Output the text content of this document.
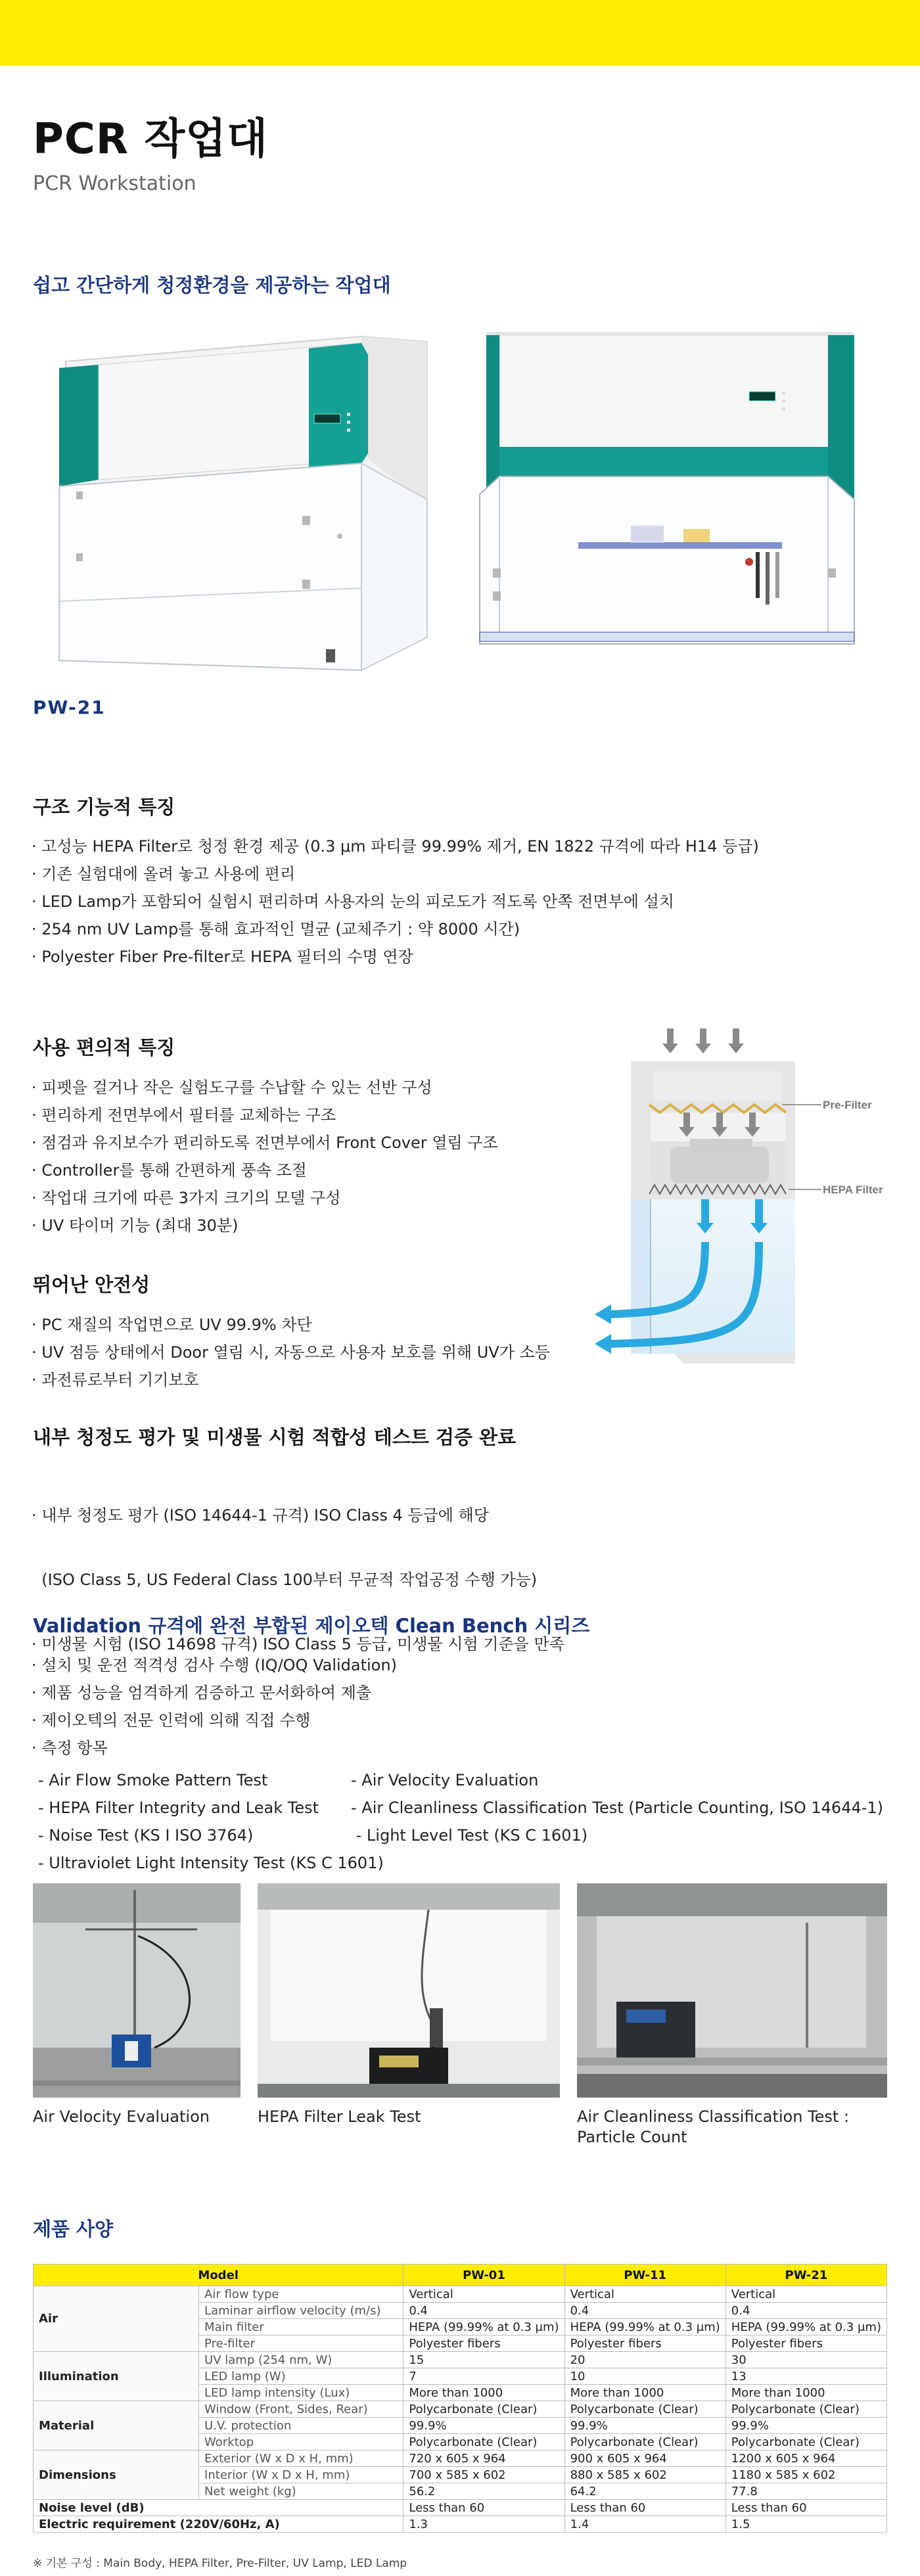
PCR 작업대
PCR Workstation
쉽고 간단하게 청정환경을 제공하는 작업대
PW-21
구조 기능적 특징
· 고성능 HEPA Filter로 청정 환경 제공 (0.3 μm 파티클 99.99% 제거, EN 1822 규격에 따라 H14 등급)
· 기존 실험대에 올려 놓고 사용에 편리
· LED Lamp가 포함되어 실험시 편리하며 사용자의 눈의 피로도가 적도록 안쪽 전면부에 설치
· 254 nm UV Lamp를 통해 효과적인 멸균 (교체주기 : 약 8000 시간)
· Polyester Fiber Pre-filter로 HEPA 필터의 수명 연장
사용 편의적 특징
· 피펫을 걸거나 작은 실험도구를 수납할 수 있는 선반 구성
· 편리하게 전면부에서 필터를 교체하는 구조
· 점검과 유지보수가 편리하도록 전면부에서 Front Cover 열림 구조
· Controller를 통해 간편하게 풍속 조절
· 작업대 크기에 따른 3가지 크기의 모델 구성
· UV 타이머 기능 (최대 30분)
Pre-Filter
HEPA Filter
뛰어난 안전성
· PC 재질의 작업면으로 UV 99.9% 차단
· UV 점등 상태에서 Door 열림 시, 자동으로 사용자 보호를 위해 UV가 소등
· 과전류로부터 기기보호
내부 청정도 평가 및 미생물 시험 적합성 테스트 검증 완료

· 내부 청정도 평가 (ISO 14644-1 규격) ISO Class 4 등급에 해당

(ISO Class 5, US Federal Class 100부터 무균적 작업공정 수행 가능)

· 미생물 시험 (ISO 14698 규격) ISO Class 5 등급, 미생물 시험 기준을 만족

Validation 규격에 완전 부합된 제이오텍 Clean Bench 시리즈
· 설치 및 운전 적격성 검사 수행 (IQ/OQ Validation)
· 제품 성능을 엄격하게 검증하고 문서화하여 제출
· 제이오텍의 전문 인력에 의해 직접 수행
· 측정 항목
- Air Flow Smoke Pattern Test	- Air Velocity Evaluation
- HEPA Filter Integrity and Leak Test - Air Cleanliness Classification Test (Particle Counting, ISO 14644-1)
- Noise Test (KS I ISO 3764)	- Light Level Test (KS C 1601)
- Ultraviolet Light Intensity Test (KS C 1601)
Air Velocity Evaluation	HEPA Filter Leak Test	Air Cleanliness Classification Test :
Particle Count
제품 사양
Model		PW-01	PW-11	PW-21
Air	Air flow type	Vertical	Vertical	Vertical
	Laminar airflow velocity (m/s)	0.4	0.4	0.4
	Main filter	HEPA (99.99% at 0.3 μm)	HEPA (99.99% at 0.3 μm)	HEPA (99.99% at 0.3 μm)
	Pre-filter	Polyester fibers	Polyester fibers	Polyester fibers
Illumination	UV lamp (254 nm, W)	15	20	30
	LED lamp (W)	7	10	13
	LED lamp intensity (Lux)	More than 1000	More than 1000	More than 1000
Material	Window (Front, Sides, Rear)	Polycarbonate (Clear)	Polycarbonate (Clear)	Polycarbonate (Clear)
	U.V. protection	99.9%	99.9%	99.9%
	Worktop	Polycarbonate (Clear)	Polycarbonate (Clear)	Polycarbonate (Clear)
Dimensions	Exterior (W x D x H, mm)	720 x 605 x 964	900 x 605 x 964	1200 x 605 x 964
	Interior (W x D x H, mm)	700 x 585 x 602	880 x 585 x 602	1180 x 585 x 602
	Net weight (kg)	56.2	64.2	77.8
Noise level (dB)		Less than 60	Less than 60	Less than 60
Electric requirement (220V/60Hz, A)		1.3	1.4	1.5
※ 기본 구성 : Main Body, HEPA Filter, Pre-Filter, UV Lamp, LED Lamp
